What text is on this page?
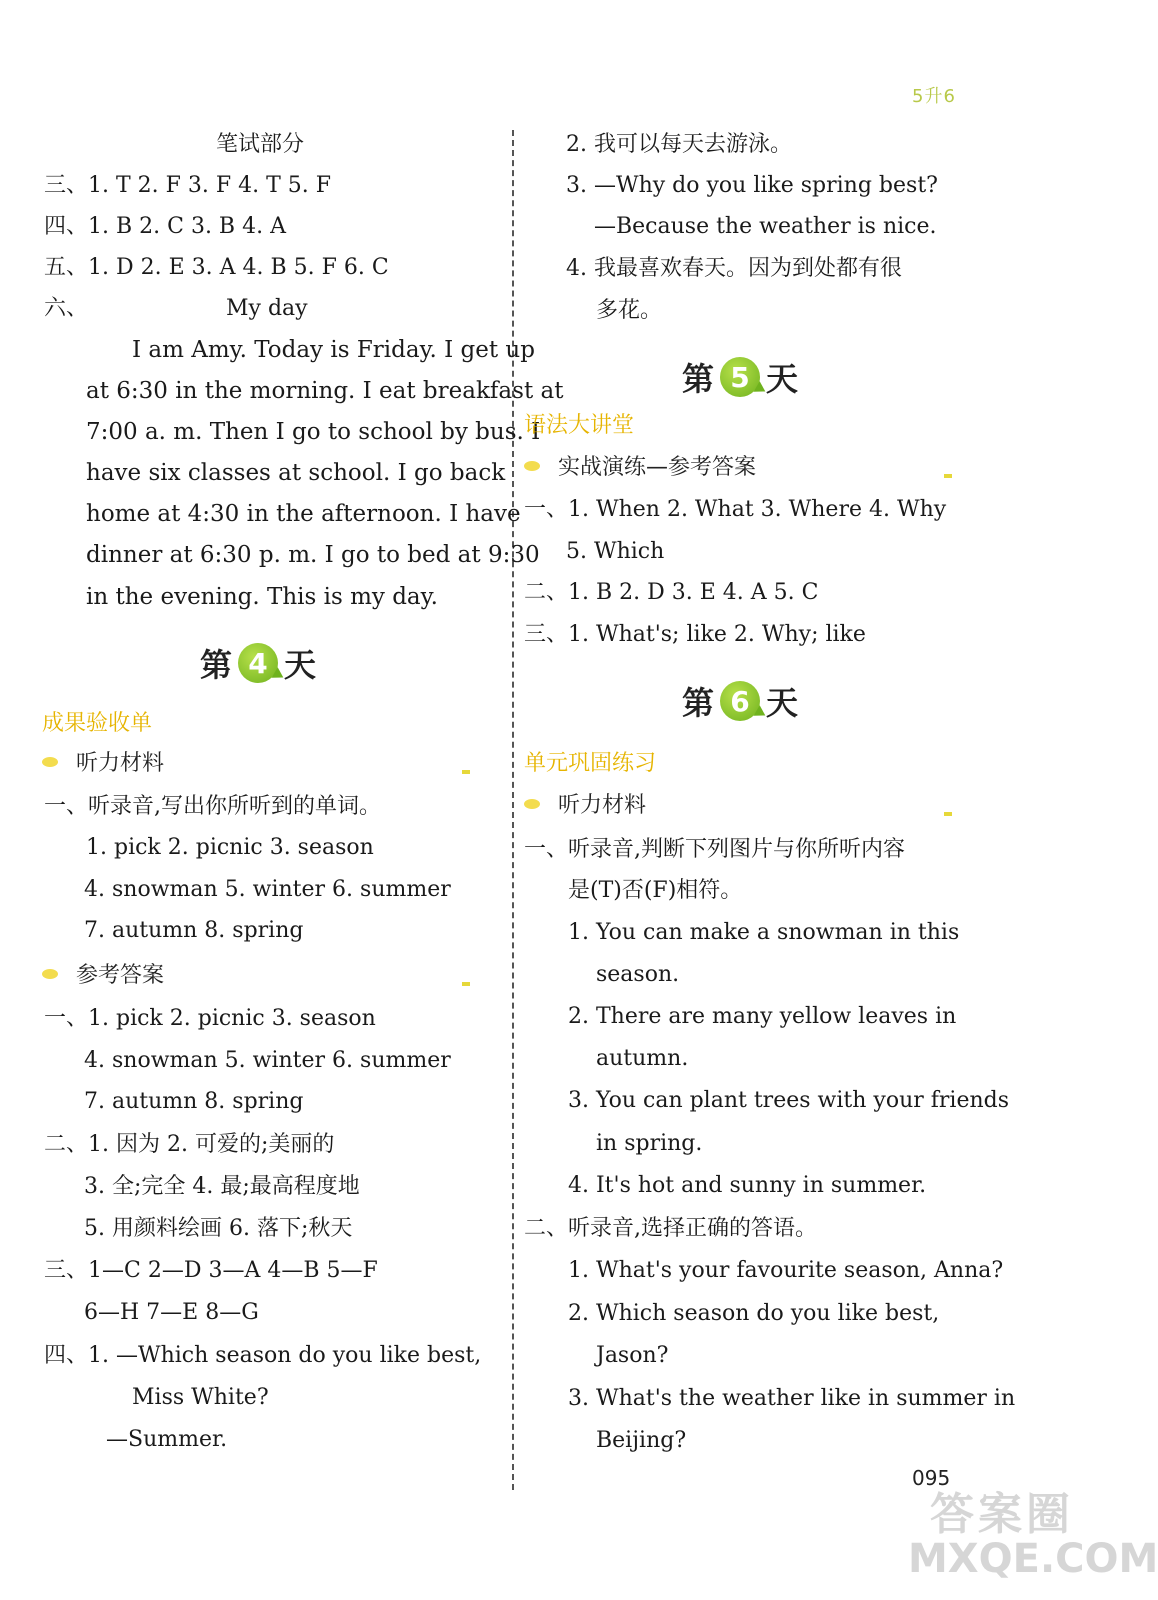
5升6
笔试部分
三、1. T 2. F 3. F 4. T 5. F
四、1. B 2. C 3. B 4. A
五、1. D 2. E 3. A 4. B 5. F 6. C
六、	My day
I am Amy. Today is Friday. I get up
at 6:30 in the morning. I eat breakfast at
7:00 a. m. Then I go to school by bus. I
have six classes at school. I go back
home at 4:30 in the afternoon. I have
dinner at 6:30 p. m. I go to bed at 9:30
in the evening. This is my day.
第 4 天
成果验收单
听力材料
一、听录音,写出你所听到的单词。
1. pick 2. picnic 3. season
4. snowman 5. winter 6. summer
7. autumn 8. spring
参考答案
一、1. pick 2. picnic 3. season
4. snowman 5. winter 6. summer
7. autumn 8. spring
二、1. 因为 2. 可爱的;美丽的
3. 全;完全 4. 最;最高程度地
5. 用颜料绘画 6. 落下;秋天
三、1—C 2—D 3—A 4—B 5—F
6—H 7—E 8—G
四、1. —Which season do you like best,
Miss White?
—Summer.
2. 我可以每天去游泳。
3. —Why do you like spring best?
—Because the weather is nice.
4. 我最喜欢春天。因为到处都有很
多花。
第 5 天
语法大讲堂
实战演练—参考答案
一、1. When 2. What 3. Where 4. Why
5. Which
二、1. B 2. D 3. E 4. A 5. C
三、1. What's; like 2. Why; like
第 6 天
单元巩固练习
听力材料
一、听录音,判断下列图片与你所听内容
是(T)否(F)相符。
1. You can make a snowman in this
season.
2. There are many yellow leaves in
autumn.
3. You can plant trees with your friends
in spring.
4. It's hot and sunny in summer.
二、听录音,选择正确的答语。
1. What's your favourite season, Anna?
2. Which season do you like best,
Jason?
3. What's the weather like in summer in
Beijing?
095
答案圈
MXQE.COM
